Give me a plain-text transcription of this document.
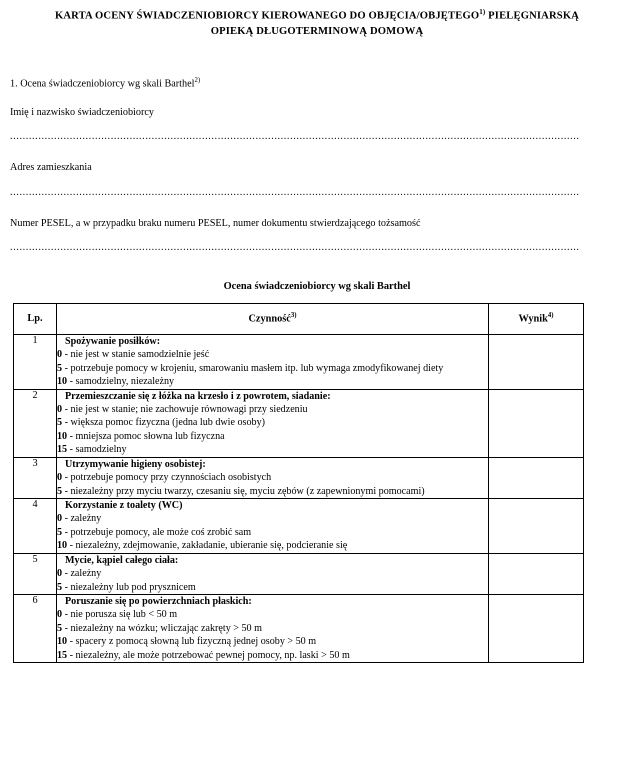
KARTA OCENY ŚWIADCZENIOBIORCY KIEROWANEGO DO OBJĘCIA/OBJĘTEGO$^{1)}$ PIELĘGNIARSKĄ
OPIEKĄ DŁUGOTERMINOWĄ DOMOWĄ
1. Ocena świadczeniobiorcy wg skali Barthel$^{2)}$
Imię i nazwisko świadczeniobiorcy
.....................................................................................................................................................................................
Adres zamieszkania
.....................................................................................................................................................................................
Numer PESEL, a w przypadku braku numeru PESEL, numer dokumentu stwierdzającego tożsamość
.....................................................................................................................................................................................
Ocena świadczeniobiorcy wg skali Barthel
Lp.	Czynność$^{3)}$	Wynik$^{4)}$
1	Spożywanie posiłków:
0 - nie jest w stanie samodzielnie jeść
5 - potrzebuje pomocy w krojeniu, smarowaniu masłem itp. lub wymaga zmodyfikowanej diety
10 - samodzielny, niezależny	

2	Przemieszczanie się z łóżka na krzesło i z powrotem, siadanie:
0 - nie jest w stanie; nie zachowuje równowagi przy siedzeniu
5 - większa pomoc fizyczna (jedna lub dwie osoby)
10 - mniejsza pomoc słowna lub fizyczna
15 - samodzielny	

3	Utrzymywanie higieny osobistej:
0 - potrzebuje pomocy przy czynnościach osobistych
5 - niezależny przy myciu twarzy, czesaniu się, myciu zębów (z zapewnionymi pomocami)	

4	Korzystanie z toalety (WC)
0 - zależny
5 - potrzebuje pomocy, ale może coś zrobić sam
10 - niezależny, zdejmowanie, zakładanie, ubieranie się, podcieranie się	

5	Mycie, kąpiel całego ciała:
0 - zależny
5 - niezależny lub pod prysznicem	

6	Poruszanie się po powierzchniach płaskich:
0 - nie porusza się lub < 50 m
5 - niezależny na wózku; wliczając zakręty > 50 m
10 - spacery z pomocą słowną lub fizyczną jednej osoby > 50 m
15 - niezależny, ale może potrzebować pewnej pomocy, np. laski > 50 m	
